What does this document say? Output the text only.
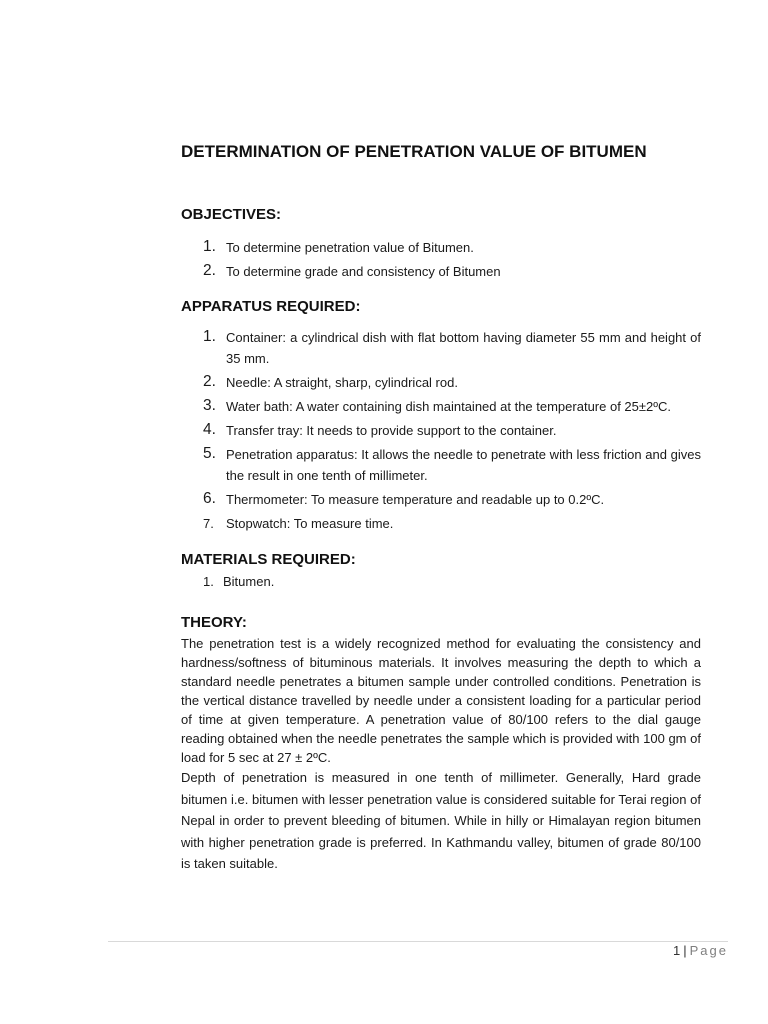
DETERMINATION OF PENETRATION VALUE OF BITUMEN
OBJECTIVES:
1. To determine penetration value of Bitumen.
2. To determine grade and consistency of Bitumen
APPARATUS REQUIRED:
1. Container: a cylindrical dish with flat bottom having diameter 55 mm and height of 35 mm.
2. Needle: A straight, sharp, cylindrical rod.
3. Water bath: A water containing dish maintained at the temperature of 25±2ºC.
4. Transfer tray: It needs to provide support to the container.
5. Penetration apparatus: It allows the needle to penetrate with less friction and gives the result in one tenth of millimeter.
6. Thermometer: To measure temperature and readable up to 0.2ºC.
7. Stopwatch: To measure time.
MATERIALS REQUIRED:
1. Bitumen.
THEORY:

The penetration test is a widely recognized method for evaluating the consistency and hardness/softness of bituminous materials. It involves measuring the depth to which a standard needle penetrates a bitumen sample under controlled conditions. Penetration is the vertical distance travelled by needle under a consistent loading for a particular period of time at given temperature. A penetration value of 80/100 refers to the dial gauge reading obtained when the needle penetrates the sample which is provided with 100 gm of load for 5 sec at 27 ± 2ºC.

Depth of penetration is measured in one tenth of millimeter. Generally, Hard grade bitumen i.e. bitumen with lesser penetration value is considered suitable for Terai region of Nepal in order to prevent bleeding of bitumen. While in hilly or Himalayan region bitumen with higher penetration grade is preferred. In Kathmandu valley, bitumen of grade 80/100 is taken suitable.

1 | Page
